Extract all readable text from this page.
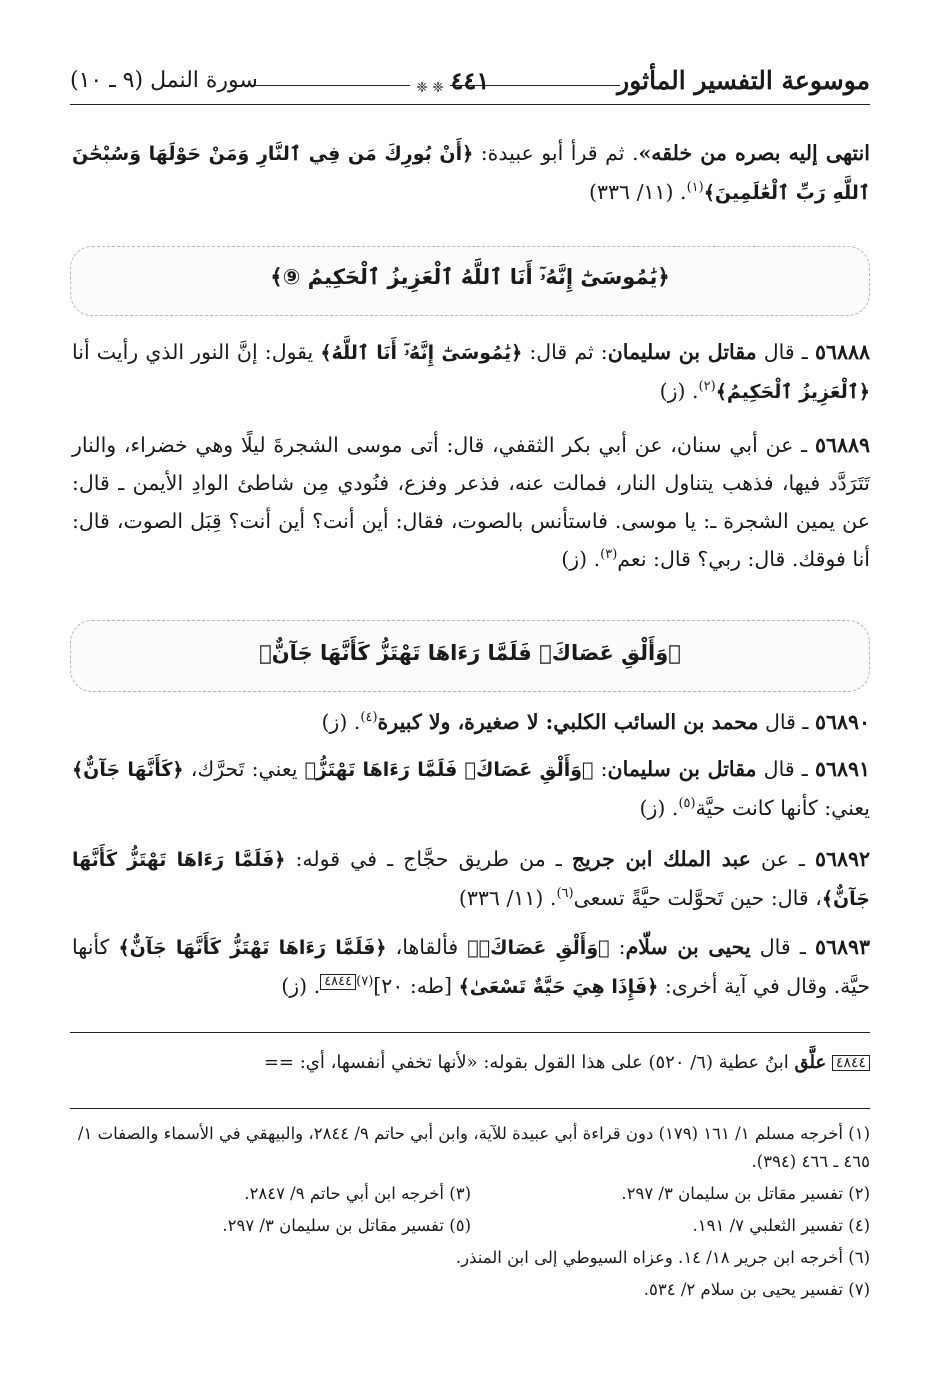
موسوعة التفسير المأثور
❈ ٤٤١
❈
سورة النمل (٩ ـ ١٠)
انتهى إليه بصره من خلقه». ثم قرأ أبو عبيدة: ﴿أَنْ بُورِكَ مَن فِي ٱلنَّارِ وَمَنْ حَوْلَهَا وَسُبْحَٰنَ ٱللَّهِ رَبِّ ٱلْعَٰلَمِينَ﴾$^{(١)}$. (١١/ ٣٣٦)
﴿يَٰمُوسَىٰٓ إِنَّهُۥٓ أَنَا ٱللَّهُ ٱلْعَزِيزُ ٱلْحَكِيمُ ⑨﴾
٥٦٨٨٨ ـ قال مقاتل بن سليمان: ثم قال: ﴿يَٰمُوسَىٰٓ إِنَّهُۥٓ أَنَا ٱللَّهُ﴾ يقول: إنَّ النور الذي رأيت أنا ﴿ٱلْعَزِيزُ ٱلْحَكِيمُ﴾$^{(٢)}$. (ز)
٥٦٨٨٩ ـ عن أبي سنان، عن أبي بكر الثقفي، قال: أتى موسى الشجرةَ ليلًا وهي خضراء، والنار تَتَرَدَّد فيها، فذهب يتناول النار، فمالت عنه، فذعر وفزع، فنُودي مِن شاطئ الوادِ الأيمن ـ قال: عن يمين الشجرة ـ: يا موسى. فاستأنس بالصوت، فقال: أين أنت؟ أين أنت؟ قِبَل الصوت، قال: أنا فوقك. قال: ربي؟ قال: نعم$^{(٣)}$. (ز)
﴿وَأَلْقِ عَصَاكَۚ فَلَمَّا رَءَاهَا تَهْتَزُّ كَأَنَّهَا جَآنٌّ﴾
٥٦٨٩٠ ـ قال محمد بن السائب الكلبي: لا صغيرة، ولا كبيرة$^{(٤)}$. (ز)
٥٦٨٩١ ـ قال مقاتل بن سليمان: ﴿وَأَلْقِ عَصَاكَۚ فَلَمَّا رَءَاهَا تَهْتَزُّ﴾ يعني: تَحرَّك، ﴿كَأَنَّهَا جَآنٌّ﴾ يعني: كأنها كانت حيَّة$^{(٥)}$. (ز)
٥٦٨٩٢ ـ عن عبد الملك ابن جريج ـ من طريق حجَّاج ـ في قوله: ﴿فَلَمَّا رَءَاهَا تَهْتَزُّ كَأَنَّهَا جَآنٌّ﴾، قال: حين تَحوَّلت حيَّةً تسعى$^{(٦)}$. (١١/ ٣٣٦)
٥٦٨٩٣ ـ قال يحيى بن سلّام: ﴿وَأَلْقِ عَصَاكَۚ﴾ فألقاها، ﴿فَلَمَّا رَءَاهَا تَهْتَزُّ كَأَنَّهَا جَآنٌّ﴾ كأنها حيَّة. وقال في آية أخرى: ﴿فَإِذَا هِيَ حَيَّةٌ تَسْعَىٰ﴾ [طه: ٢٠]$^{(٧)}$٤٨٤٤. (ز)
٤٨٤٤ علَّق ابنُ عطية (٦/ ٥٢٠) على هذا القول بقوله: «لأنها تخفي أنفسها، أي: ==
(١) أخرجه مسلم ١/ ١٦١ (١٧٩) دون قراءة أبي عبيدة للآية، وابن أبي حاتم ٩/ ٢٨٤٤، والبيهقي في الأسماء والصفات ١/ ٤٦٥ ـ ٤٦٦ (٣٩٤).
(٢) تفسير مقاتل بن سليمان ٣/ ٢٩٧.
(٣) أخرجه ابن أبي حاتم ٩/ ٢٨٤٧.
(٤) تفسير الثعلبي ٧/ ١٩١.
(٥) تفسير مقاتل بن سليمان ٣/ ٢٩٧.
(٦) أخرجه ابن جرير ١٨/ ١٤. وعزاه السيوطي إلى ابن المنذر.
(٧) تفسير يحيى بن سلام ٢/ ٥٣٤.
